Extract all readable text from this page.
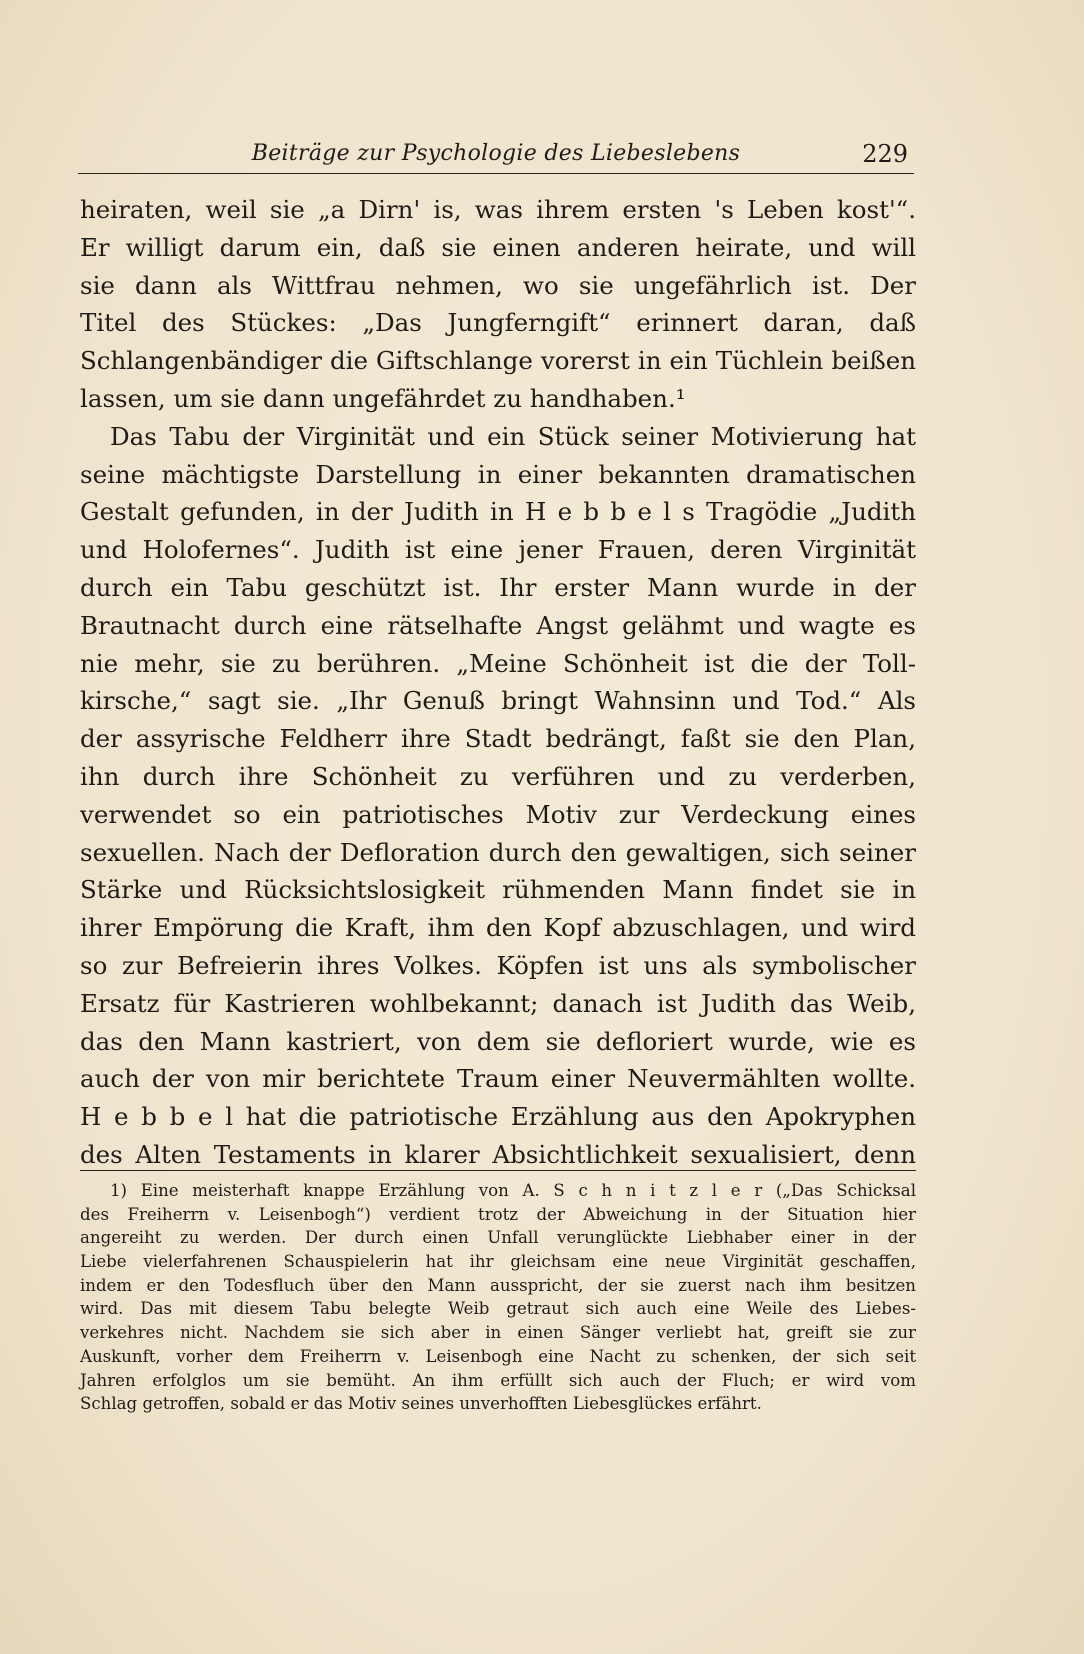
Beiträge zur Psychologie des Liebeslebens	229
heiraten, weil sie „a Dirn' is, was ihrem ersten 's Leben kost'“.
Er willigt darum ein, daß sie einen anderen heirate, und will
sie dann als Wittfrau nehmen, wo sie ungefährlich ist. Der
Titel des Stückes: „Das Jungferngift“ erinnert daran, daß
Schlangenbändiger die Giftschlange vorerst in ein Tüchlein beißen
lassen, um sie dann ungefährdet zu handhaben.¹
Das Tabu der Virginität und ein Stück seiner Motivierung hat
seine mächtigste Darstellung in einer bekannten dramatischen
Gestalt gefunden, in der Judith in H e b b e l s Tragödie „Judith
und Holofernes“. Judith ist eine jener Frauen, deren Virginität
durch ein Tabu geschützt ist. Ihr erster Mann wurde in der
Brautnacht durch eine rätselhafte Angst gelähmt und wagte es
nie mehr, sie zu berühren. „Meine Schönheit ist die der Toll-
kirsche,“ sagt sie. „Ihr Genuß bringt Wahnsinn und Tod.“ Als
der assyrische Feldherr ihre Stadt bedrängt, faßt sie den Plan,
ihn durch ihre Schönheit zu verführen und zu verderben,
verwendet so ein patriotisches Motiv zur Verdeckung eines
sexuellen. Nach der Defloration durch den gewaltigen, sich seiner
Stärke und Rücksichtslosigkeit rühmenden Mann findet sie in
ihrer Empörung die Kraft, ihm den Kopf abzuschlagen, und wird
so zur Befreierin ihres Volkes. Köpfen ist uns als symbolischer
Ersatz für Kastrieren wohlbekannt; danach ist Judith das Weib,
das den Mann kastriert, von dem sie defloriert wurde, wie es
auch der von mir berichtete Traum einer Neuvermählten wollte.
H e b b e l hat die patriotische Erzählung aus den Apokryphen
des Alten Testaments in klarer Absichtlichkeit sexualisiert, denn
1) Eine meisterhaft knappe Erzählung von A. S c h n i t z l e r („Das Schicksal
des Freiherrn v. Leisenbogh“) verdient trotz der Abweichung in der Situation hier
angereiht zu werden. Der durch einen Unfall verunglückte Liebhaber einer in der
Liebe vielerfahrenen Schauspielerin hat ihr gleichsam eine neue Virginität geschaffen,
indem er den Todesfluch über den Mann ausspricht, der sie zuerst nach ihm besitzen
wird. Das mit diesem Tabu belegte Weib getraut sich auch eine Weile des Liebes-
verkehres nicht. Nachdem sie sich aber in einen Sänger verliebt hat, greift sie zur
Auskunft, vorher dem Freiherrn v. Leisenbogh eine Nacht zu schenken, der sich seit
Jahren erfolglos um sie bemüht. An ihm erfüllt sich auch der Fluch; er wird vom
Schlag getroffen, sobald er das Motiv seines unverhofften Liebesglückes erfährt.
